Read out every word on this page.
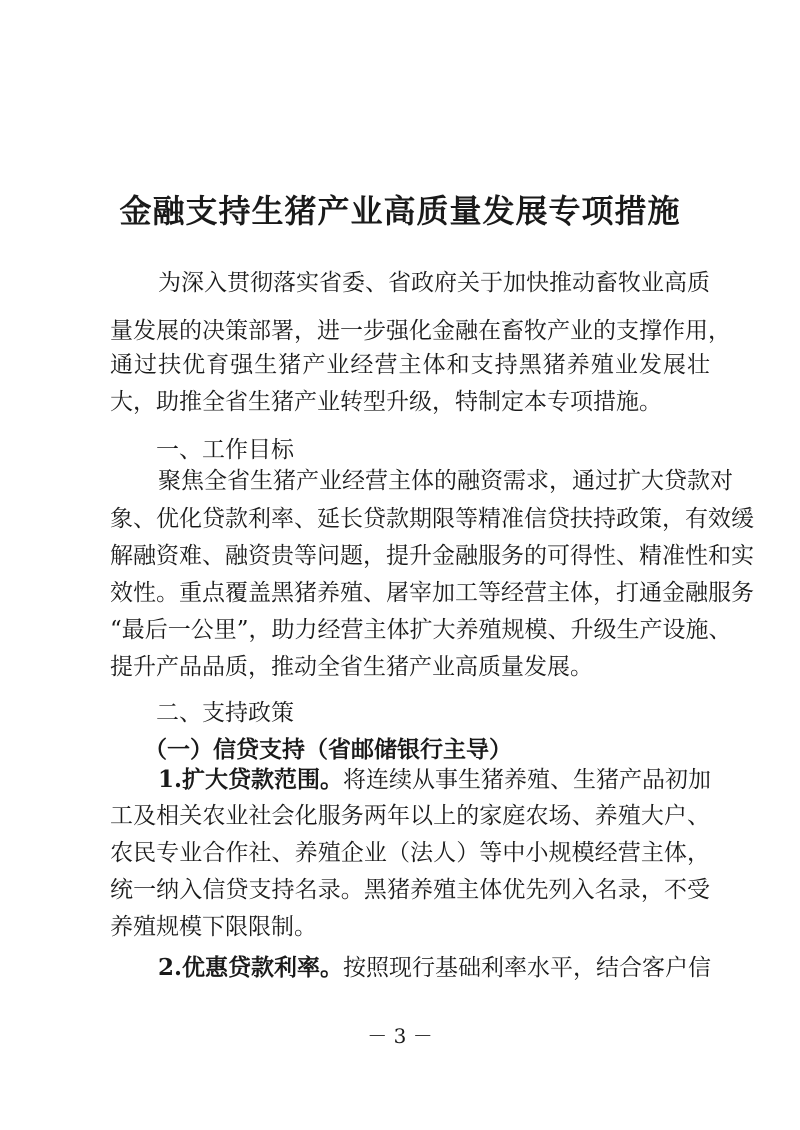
金融支持生猪产业高质量发展专项措施
为深入贯彻落实省委、省政府关于加快推动畜牧业高质
量发展的决策部署，进一步强化金融在畜牧产业的支撑作用，
通过扶优育强生猪产业经营主体和支持黑猪养殖业发展壮
大，助推全省生猪产业转型升级，特制定本专项措施。
一、工作目标
聚焦全省生猪产业经营主体的融资需求，通过扩大贷款对
象、优化贷款利率、延长贷款期限等精准信贷扶持政策，有效缓
解融资难、融资贵等问题，提升金融服务的可得性、精准性和实
效性。重点覆盖黑猪养殖、屠宰加工等经营主体，打通金融服务
“最后一公里”，助力经营主体扩大养殖规模、升级生产设施、
提升产品品质，推动全省生猪产业高质量发展。
二、支持政策
（一）信贷支持（省邮储银行主导）
1.扩大贷款范围。将连续从事生猪养殖、生猪产品初加
工及相关农业社会化服务两年以上的家庭农场、养殖大户、
农民专业合作社、养殖企业（法人）等中小规模经营主体，
统一纳入信贷支持名录。黑猪养殖主体优先列入名录，不受
养殖规模下限限制。
2.优惠贷款利率。按照现行基础利率水平，结合客户信
－ 3 －
